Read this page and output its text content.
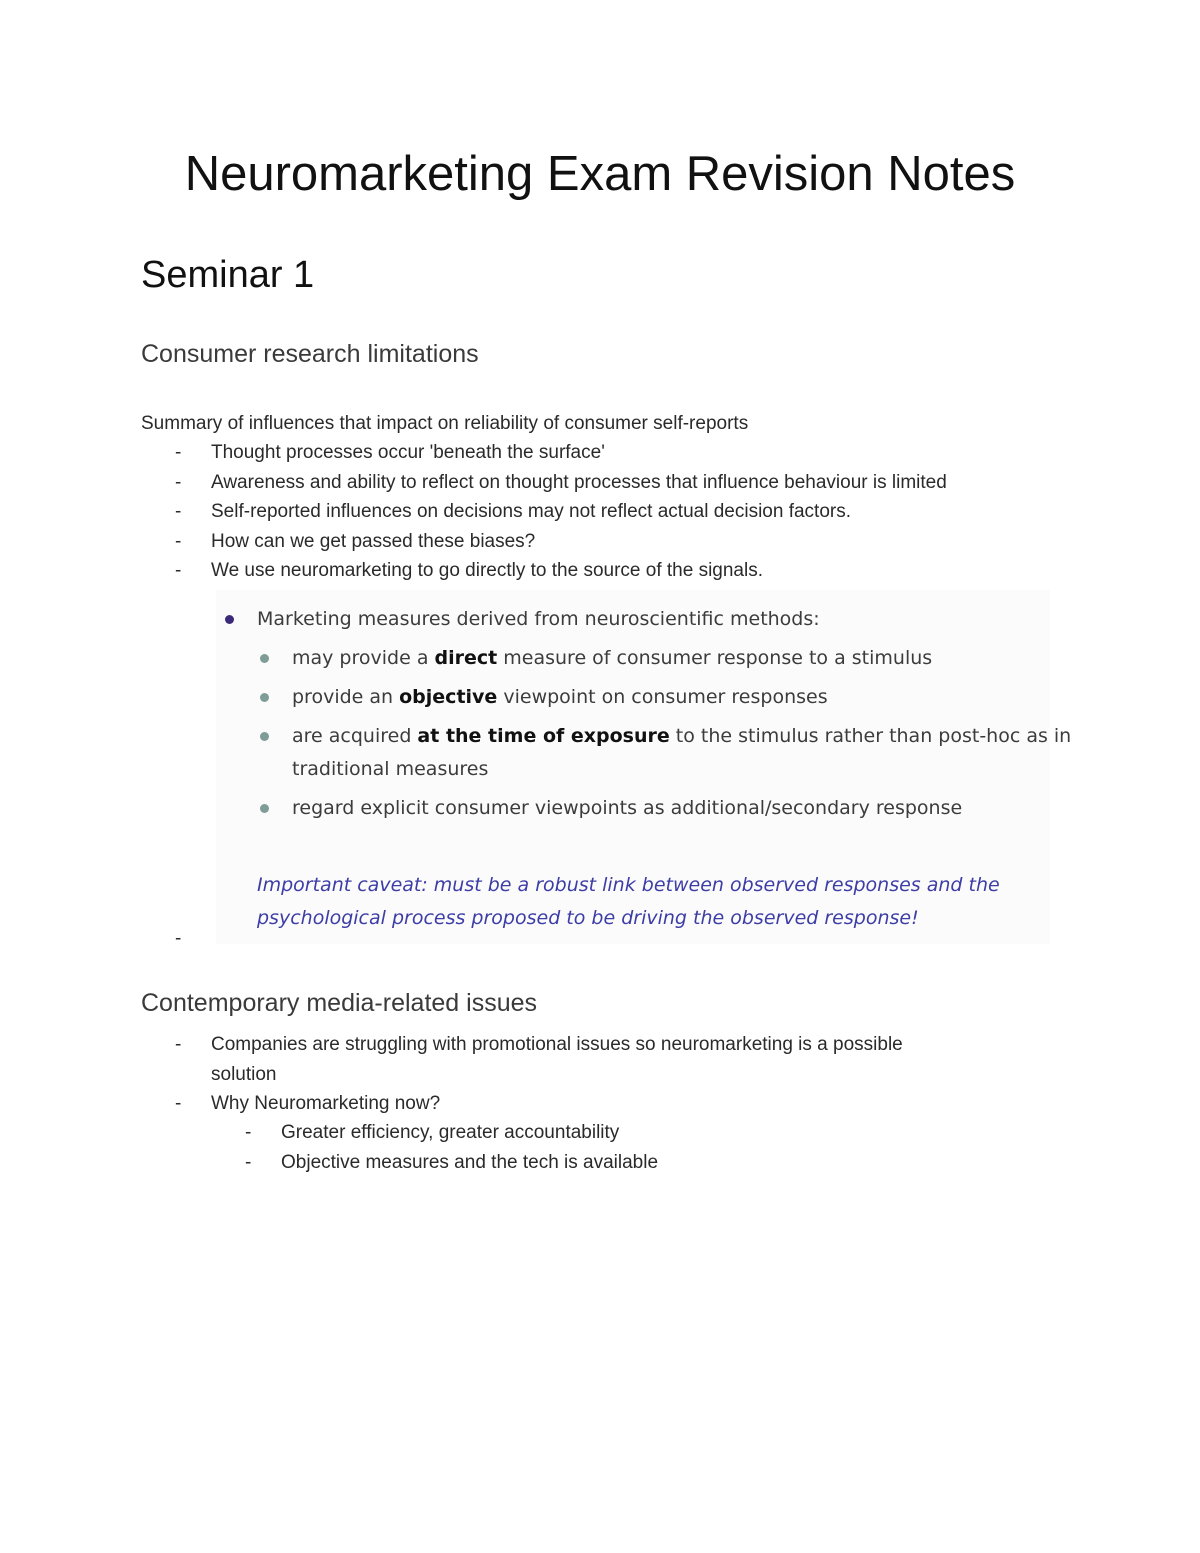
Neuromarketing Exam Revision Notes
Seminar 1
Consumer research limitations

Summary of influences that impact on reliability of consumer self-reports

- Thought processes occur 'beneath the surface'
- Awareness and ability to reflect on thought processes that influence behaviour is limited
- Self-reported influences on decisions may not reflect actual decision factors.
- How can we get passed these biases?
- We use neuromarketing to go directly to the source of the signals.
Marketing measures derived from neuroscientific methods:
may provide a direct measure of consumer response to a stimulus
provide an objective viewpoint on consumer responses
are acquired at the time of exposure to the stimulus rather than post-hoc as in
traditional measures
regard explicit consumer viewpoints as additional/secondary response
Important caveat: must be a robust link between observed responses and the
psychological process proposed to be driving the observed response!
-
Contemporary media-related issues
- Companies are struggling with promotional issues so neuromarketing is a possible
solution
- Why Neuromarketing now?
- Greater efficiency, greater accountability
- Objective measures and the tech is available
